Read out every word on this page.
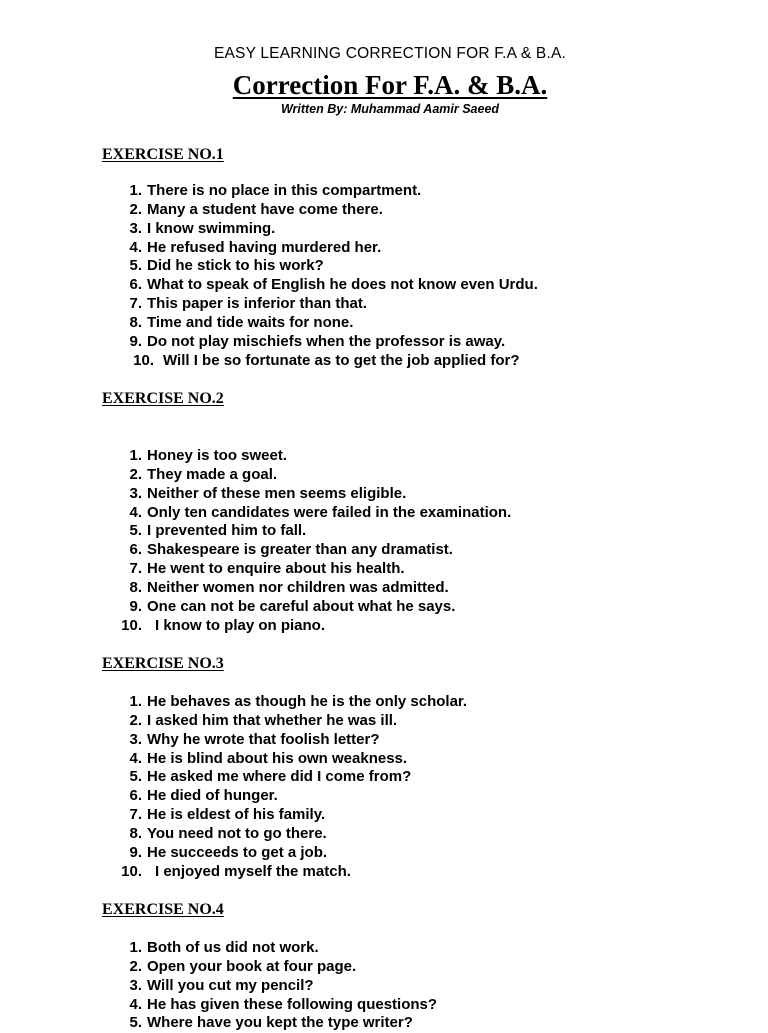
EASY LEARNING CORRECTION FOR F.A & B.A.
Correction For F.A. & B.A.
Written By: Muhammad Aamir Saeed
EXERCISE NO.1
1. There is no place in this compartment.
2. Many a student have come there.
3. I know swimming.
4. He refused having murdered her.
5. Did he stick to his work?
6. What to speak of English he does not know even Urdu.
7. This paper is inferior than that.
8. Time and tide waits for none.
9. Do not play mischiefs when the professor is away.
10. Will I be so fortunate as to get the job applied for?
EXERCISE NO.2
1. Honey is too sweet.
2. They made a goal.
3. Neither of these men seems eligible.
4. Only ten candidates were failed in the examination.
5. I prevented him to fall.
6. Shakespeare is greater than any dramatist.
7. He went to enquire about his health.
8. Neither women nor children was admitted.
9. One can not be careful about what he says.
10. I know to play on piano.
EXERCISE NO.3
1. He behaves as though he is the only scholar.
2. I asked him that whether he was ill.
3. Why he wrote that foolish letter?
4. He is blind about his own weakness.
5. He asked me where did I come from?
6. He died of hunger.
7. He is eldest of his family.
8. You need not to go there.
9. He succeeds to get a job.
10. I enjoyed myself the match.
EXERCISE NO.4
1. Both of us did not work.
2. Open your book at four page.
3. Will you cut my pencil?
4. He has given these following questions?
5. Where have you kept the type writer?
